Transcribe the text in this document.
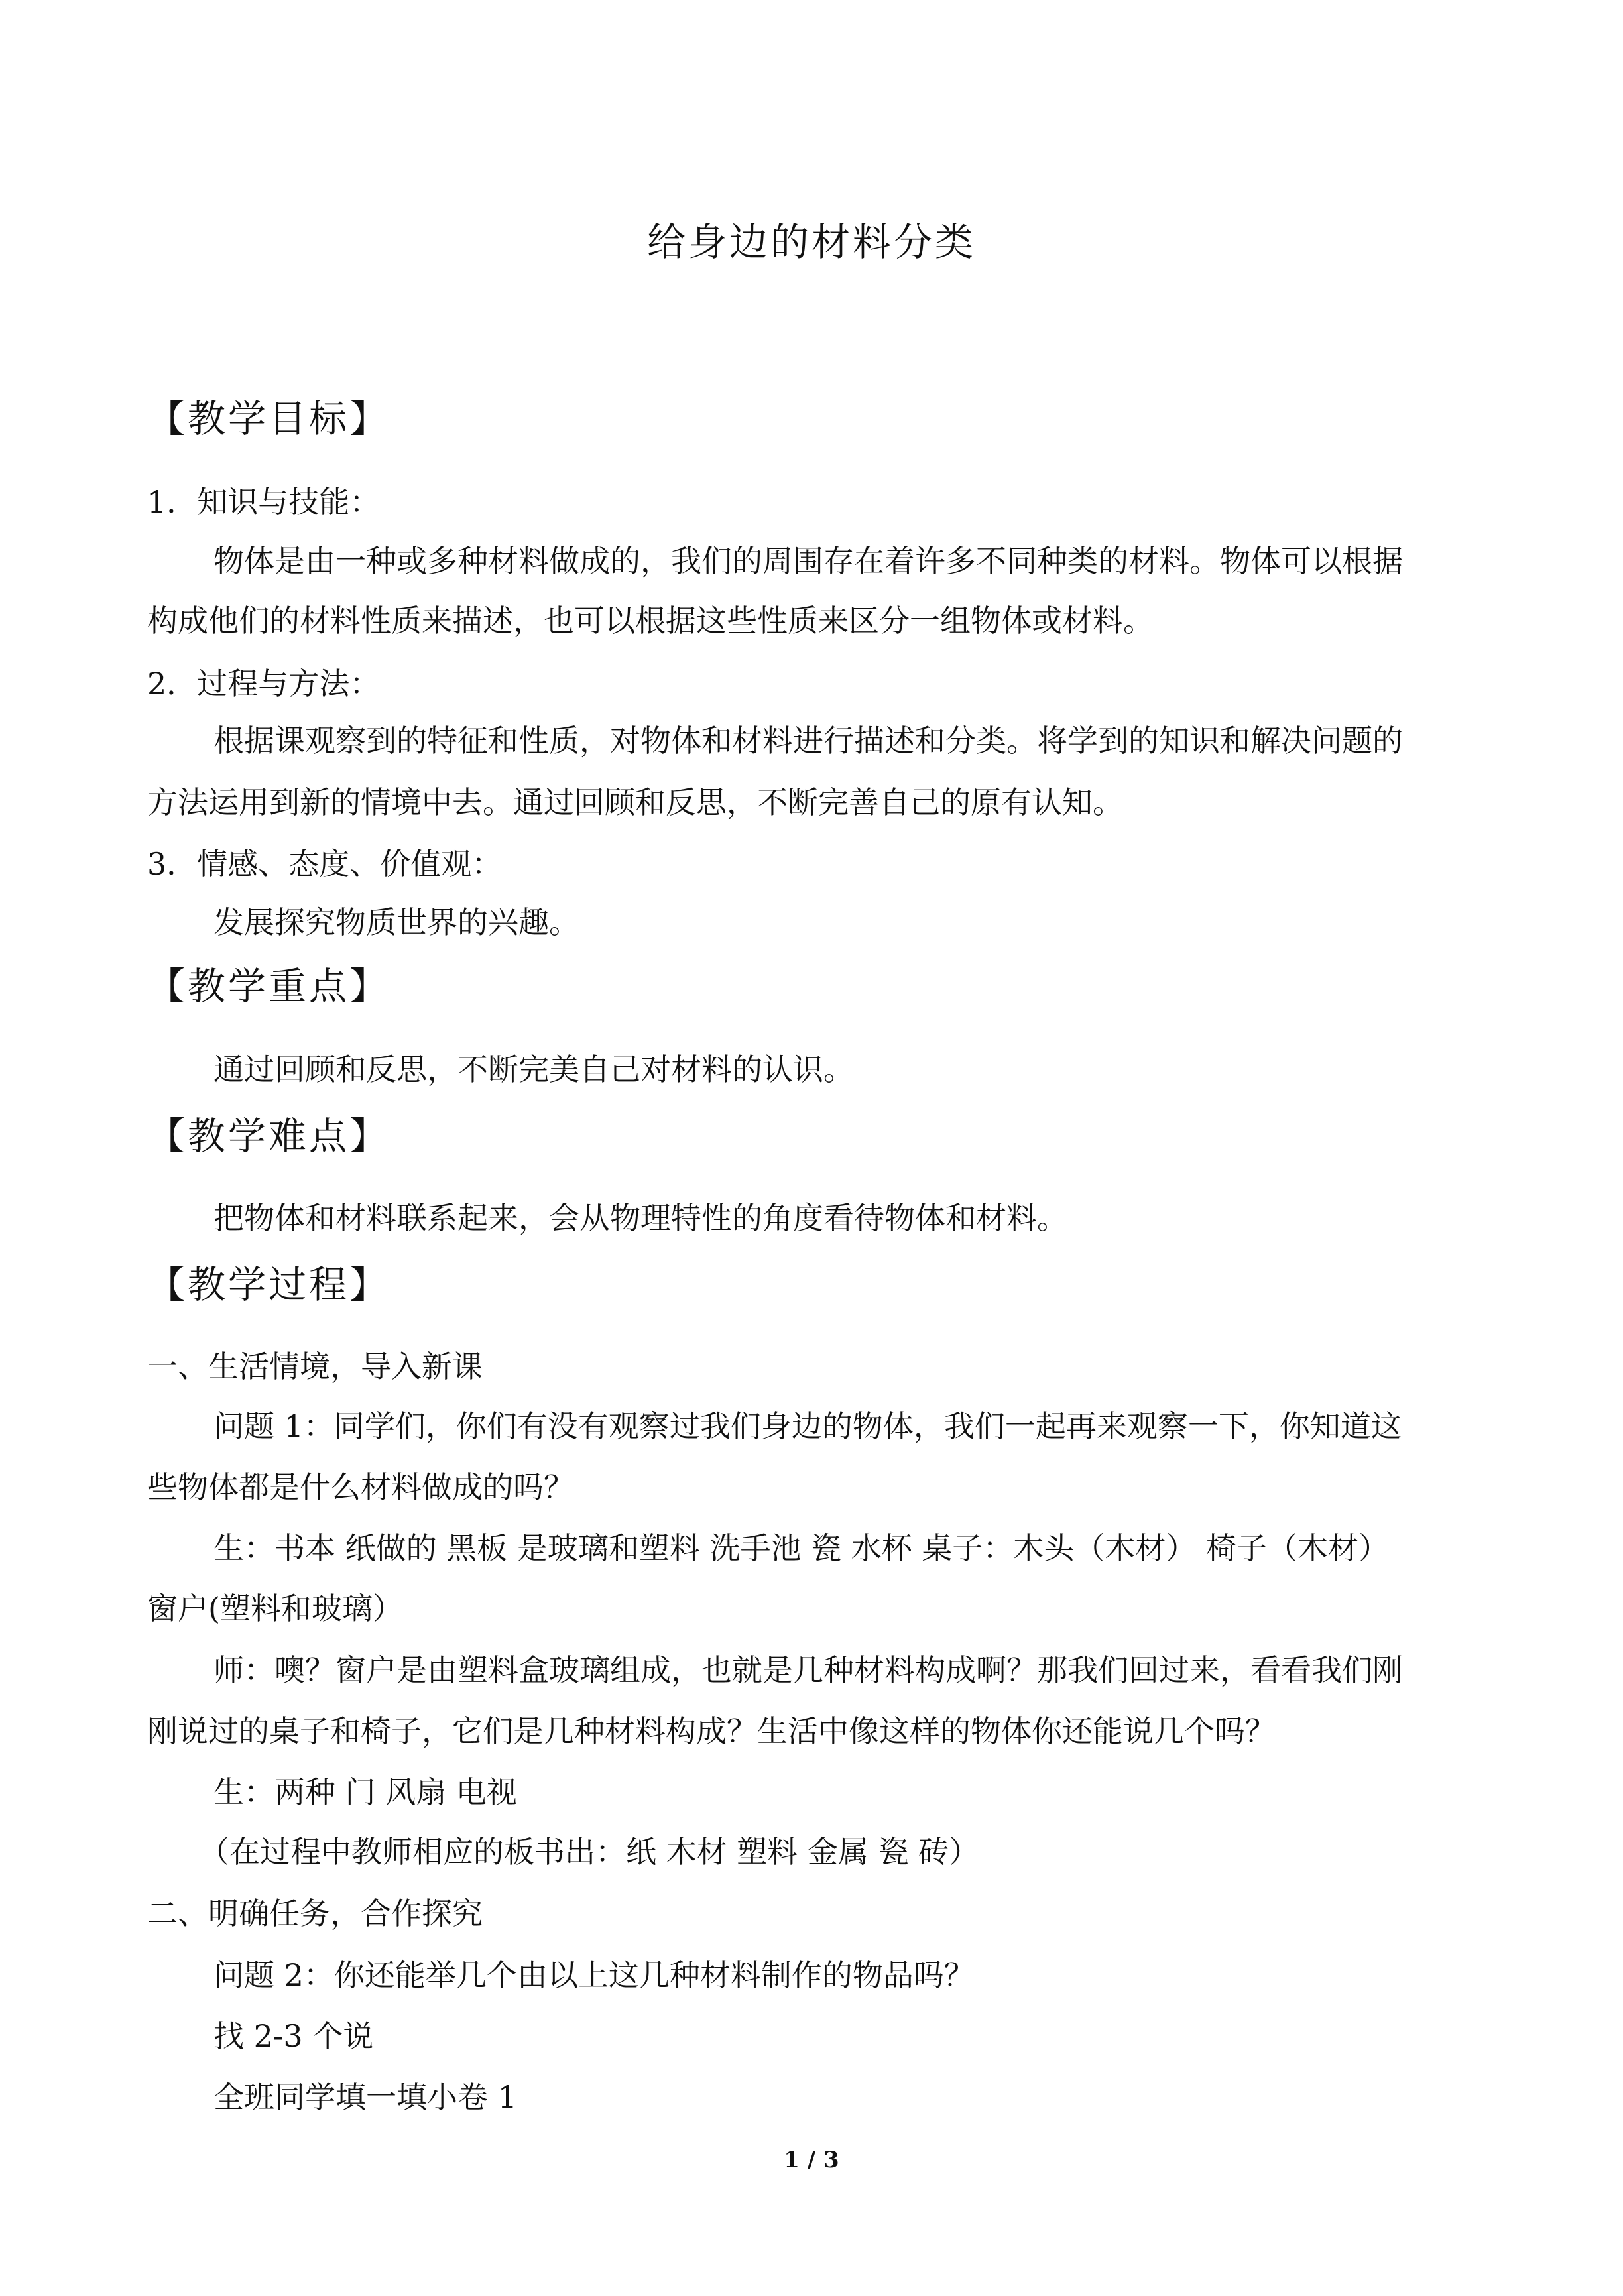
给身边的材料分类
【教学目标】
1．知识与技能：
物体是由一种或多种材料做成的，我们的周围存在着许多不同种类的材料。物体可以根据
构成他们的材料性质来描述，也可以根据这些性质来区分一组物体或材料。
2．过程与方法：
根据课观察到的特征和性质，对物体和材料进行描述和分类。将学到的知识和解决问题的
方法运用到新的情境中去。通过回顾和反思，不断完善自己的原有认知。
3．情感、态度、价值观：
发展探究物质世界的兴趣。
【教学重点】
通过回顾和反思，不断完美自己对材料的认识。
【教学难点】
把物体和材料联系起来，会从物理特性的角度看待物体和材料。
【教学过程】
一、生活情境，导入新课
问题 1：同学们，你们有没有观察过我们身边的物体，我们一起再来观察一下，你知道这
些物体都是什么材料做成的吗？
生：书本 纸做的 黑板 是玻璃和塑料 洗手池 瓷 水杯 桌子：木头（木材） 椅子（木材）
窗户(塑料和玻璃）
师：噢？窗户是由塑料盒玻璃组成，也就是几种材料构成啊？那我们回过来，看看我们刚
刚说过的桌子和椅子，它们是几种材料构成？生活中像这样的物体你还能说几个吗？
生：两种 门 风扇 电视
（在过程中教师相应的板书出：纸 木材 塑料 金属 瓷 砖）
二、明确任务，合作探究
问题 2：你还能举几个由以上这几种材料制作的物品吗？
找 2-3 个说
全班同学填一填小卷 1
1 / 3
